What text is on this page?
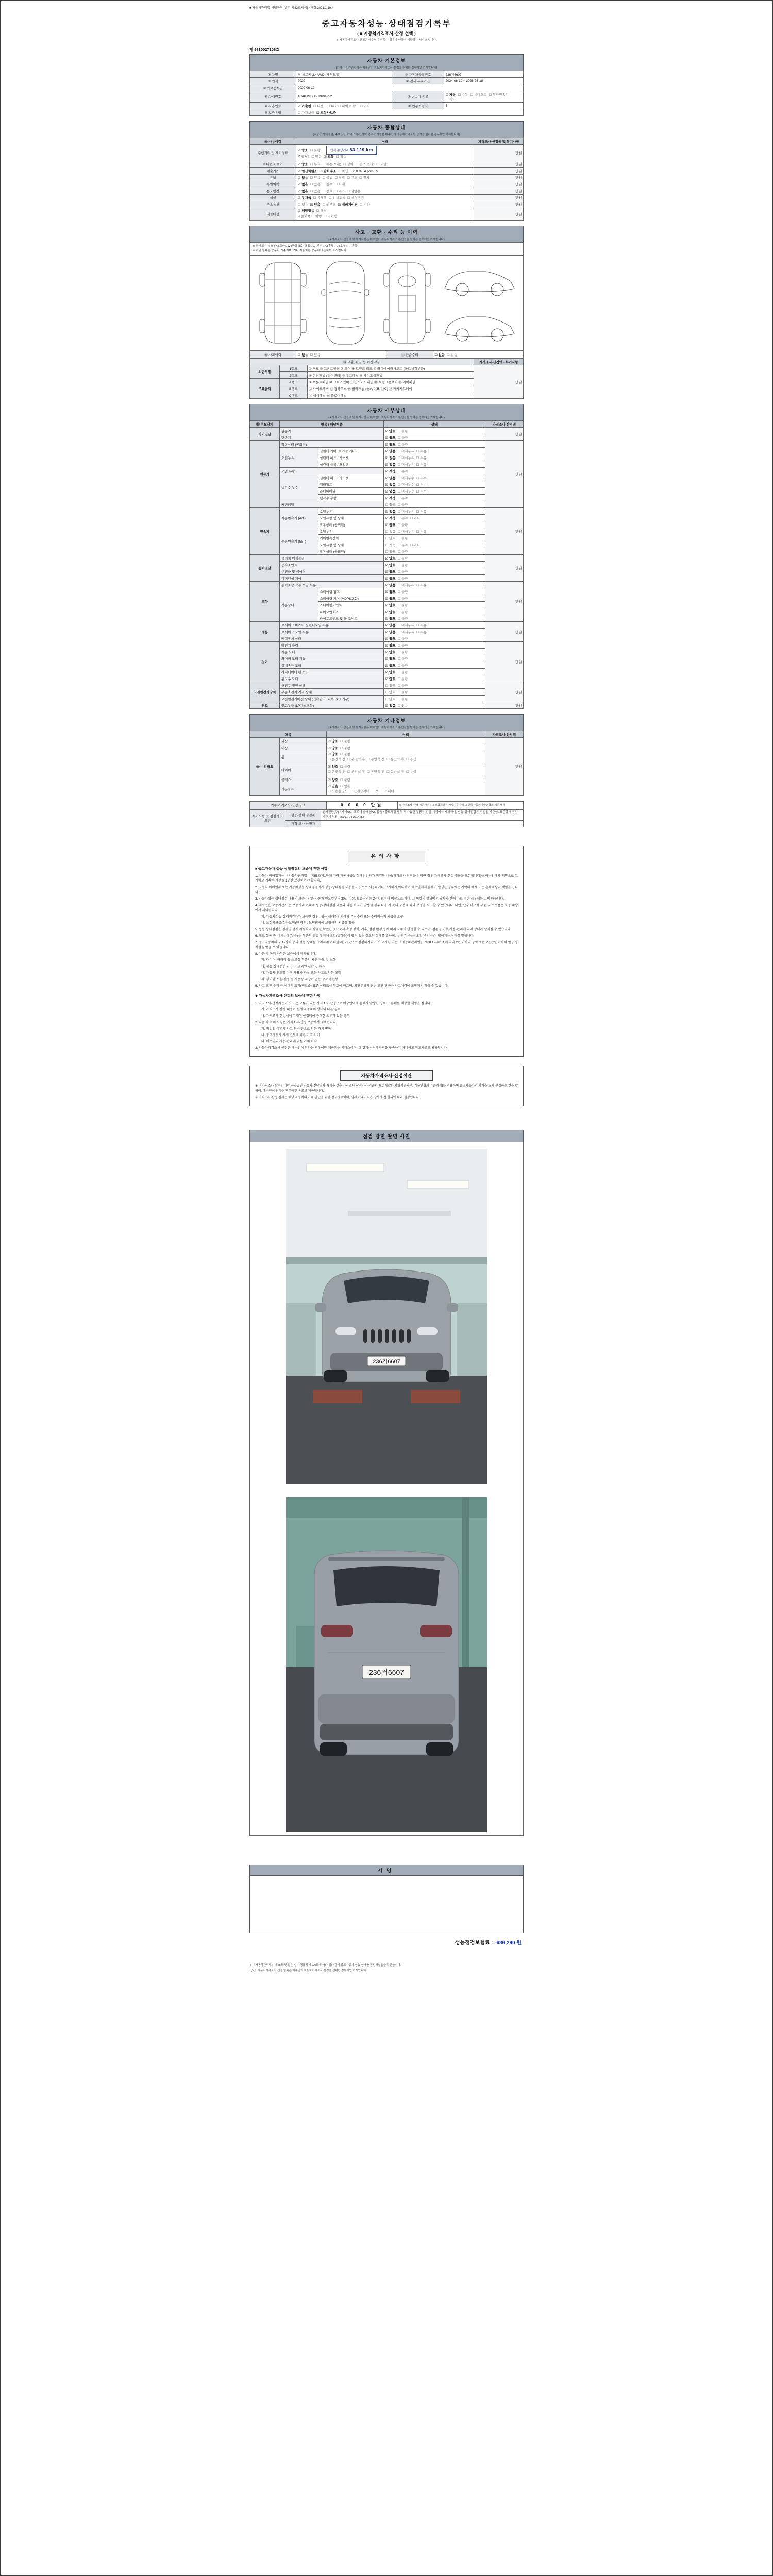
■ 자동차관리법 시행규칙 [별지 제82호서식] <개정 2021.1.19.>
중고자동차성능·상태점검기록부
( ■ 자동차가격조사·산정 선택 )
※ 자동차가격조사·산정은 매수인이 원하는 경우에 한하여 제공하는 서비스 입니다.
제 9830027106호
자동차 기본정보
(가격산정 기준가격은 매수인이 자동차가격조사·산정을 원하는 경우에만 기재합니다)
① 차명	짚 체로키 2.4AWD (세부모델)	② 자동차등록번호	236거6607
③ 연식	2020	④ 검사 유효기간	2024-06-19 ~ 2026-06-18
⑤ 최초등록일	2020-06-19		
⑥ 차대번호	1C4PJMDB5LD604252	⑦ 변속기 종류	☑ 자동 ☐ 수동 ☐ 세미오토 ☐ 무단변속기☐ 기타
⑧ 사용연료	☑ 가솔린 ☐ 디젤 ☐ LPG ☐ 하이브리드 ☐ 기타	⑨ 원동기형식	B
⑩ 보증유형	☐ 자가보증 ☑ 보험사보증		
자동차 종합상태
(※성능·상태점검, 주요옵션, 가격조사·산정액 및 특기사항은 매수인이 자동차가격조사·산정을 원하는 경우에만 기재합니다)
⑪ 사용이력	상태	가격조사·산정액 및 특기사항
주행거리 및 계기상태	☑ 양호 ☐ 불량 현재 주행거리 83,129 km
주행거리 ☐ 많음 ☑ 보통 ☐ 적음	만원
차대번호 표기	☑ 양호 ☐ 부식 ☐ 훼손(오손) ☐ 상이 ☐ 변조(변타) ☐ 도말	만원
배출가스	☑ 일산화탄소 ☑ 탄화수소 ☐ 매연 0.0 % , 4 ppm , %	만원
튜닝	☑ 없음 ☐ 있음 ☐ 불법 ☐ 적법 ☐ 구조 ☐ 장치	만원
특별이력	☑ 없음 ☐ 있음 ☐ 침수 ☐ 화재	만원
용도변경	☑ 없음 ☐ 있음 ☐ 렌트 ☐ 리스 ☐ 영업용	만원
색상	☑ 무채색 ☐ 유채색 ☐ 전체도색 ☐ 색상변경	만원
주요옵션	☐ 없음 ☑ 있음 ☐ 썬루프 ☑ 네비게이션 ☐ 기타	만원
리콜대상	☑ 해당없음 ☐ 해당
리콜이행 ☐ 이행 ☐ 미이행	만원
사고 · 교환 · 수리 등 이력
(※가격조사·산정액 및 특기사항은 매수인이 자동차가격조사·산정을 원하는 경우에만 기재합니다)
※ 상태표시 부호 : X (교환), W (판금 또는 용접), C (부식), A (흠집), U (요철), T (손상)
※ 하단 항목은 승용차 기준이며, 기타 자동차는 승용차에 준하여 표시합니다.
⑫ 사고이력	☑ 없음 ☐ 있음	⑬ 단순수리	☑ 없음 ☐ 있음
⑭ 교환, 판금 등 이상 부위			가격조사·산정액 · 특기사항
외판부위	1랭크	① 후드 ② 프론트펜더 ③ 도어 ④ 트렁크 리드 ⑤ 라디에이터서포트 (볼트체결부품)	만원
	2랭크	⑥ 쿼터패널 (리어펜더) ⑦ 루프패널 ⑧ 사이드실패널	
주요골격	A랭크	⑨ 프론트패널 ⑩ 크로스멤버 ⑪ 인사이드패널 ⑰ 트렁크플로어 ⑱ 리어패널	
	B랭크	⑫ 사이드멤버 ⑬ 휠하우스 ⑭ 필러패널 (⑭A, ⑭B, ⑭C) ⑲ 패키지트레이	
	C랭크	⑮ 대쉬패널 ⑯ 플로어패널	
자동차 세부상태
(※가격조사·산정액 및 특기사항은 매수인이 자동차가격조사·산정을 원하는 경우에만 기재합니다)
⑮ 주요장치	항목 / 해당부품		상태	가격조사·산정액
자기진단	원동기		☑ 양호 ☐ 불량	만원
	변속기		☑ 양호 ☐ 불량	
원동기	작동상태 (공회전)		☑ 양호 ☐ 불량	만원
	오일누유	실린더 커버 (로커암 커버)	☑ 없음 ☐ 미세누유 ☐ 누유	
		실린더 헤드 / 가스켓	☑ 없음 ☐ 미세누유 ☐ 누유	
		실린더 블록 / 오일팬	☑ 없음 ☐ 미세누유 ☐ 누유	
	오일 유량		☑ 적정 ☐ 부족	
	냉각수 누수	실린더 헤드 / 가스켓	☑ 없음 ☐ 미세누수 ☐ 누수	
		워터펌프	☑ 없음 ☐ 미세누수 ☐ 누수	
		라디에이터	☑ 없음 ☐ 미세누수 ☐ 누수	
		냉각수 수량	☑ 적정 ☐ 부족	
	커먼레일		☐ 양호 ☐ 불량	
변속기	자동변속기 (A/T)	오일누유	☑ 없음 ☐ 미세누유 ☐ 누유	만원
		오일유량 및 상태	☑ 적정 ☐ 부족 ☐ 과다	
		작동상태 (공회전)	☑ 양호 ☐ 불량	
	수동변속기 (M/T)	오일누유	☐ 없음 ☐ 미세누유 ☐ 누유	
		기어변속장치	☐ 양호 ☐ 불량	
		오일유량 및 상태	☐ 적정 ☐ 부족 ☐ 과다	
		작동상태 (공회전)	☐ 양호 ☐ 불량	
동력전달	클러치 어셈블리		☑ 양호 ☐ 불량	만원
	등속조인트		☑ 양호 ☐ 불량	
	추진축 및 베어링		☑ 양호 ☐ 불량	
	디퍼렌셜 기어		☑ 양호 ☐ 불량	
조향	동력조향 작동 오일 누유		☑ 없음 ☐ 미세누유 ☐ 누유	만원
	작동상태	스티어링 펌프	☑ 양호 ☐ 불량	
		스티어링 기어 (MDPS포함)	☑ 양호 ☐ 불량	
		스티어링조인트	☑ 양호 ☐ 불량	
		파워고압호스	☑ 양호 ☐ 불량	
		타이로드엔드 및 볼 조인트	☑ 양호 ☐ 불량	
제동	브레이크 마스터 실린더오일 누유		☑ 없음 ☐ 미세누유 ☐ 누유	만원
	브레이크 오일 누유		☑ 없음 ☐ 미세누유 ☐ 누유	
	배력장치 상태		☑ 양호 ☐ 불량	
전기	발전기 출력		☑ 양호 ☐ 불량	만원
	시동 모터		☑ 양호 ☐ 불량	
	와이퍼 모터 기능		☑ 양호 ☐ 불량	
	실내송풍 모터		☑ 양호 ☐ 불량	
	라디에이터 팬 모터		☑ 양호 ☐ 불량	
	윈도우 모터		☑ 양호 ☐ 불량	
고전원전기장치	충전구 절연 상태		☐ 양호 ☐ 불량	만원
	구동축전지 격리 상태		☐ 양호 ☐ 불량	
	고전원전기배선 상태 (접속단자, 피복, 보호기구)		☐ 양호 ☐ 불량	
연료	연료누출 (LP가스포함)		☑ 없음 ☐ 있음	만원
자동차 기타정보
(※가격조사·산정액 및 특기사항은 매수인이 자동차가격조사·산정을 원하는 경우에만 기재합니다)
항목		상태	가격조사·산정액
⑯ 수리필요	외장	☑ 양호 ☐ 불량	만원
	내장	☑ 양호 ☐ 불량	
	휠	☑ 양호 ☐ 불량
☐ 운전석 전 ☐ 운전석 후 ☐ 동반석 전 ☐ 동반석 후 ☐ 응급	

	타이어	☑ 양호 ☐ 불량
☐ 운전석 전 ☐ 운전석 후 ☐ 동반석 전 ☐ 동반석 후 ☐ 응급	

	글래스	☑ 양호 ☐ 불량	
	기본품목	☑ 있음 ☐ 없음
☐ 사용설명서 ☐ 안전삼각대 ☐ 잭 ☐ 스패너	
최종 가격조사·산정 금액	0 0 0 0 만원	※ 가격조사·산정 기준가격 : ☐ 보험개발원 차량기준가액 ☐ 한국자동차기술인협회 기준가격
특기사항 및 점검자의 의견	성능·상태 점검자	엔카진단(주) / 제시AS / 프로미 클레임AS 없음 / 볼트체결 탈부착 가능한 부품은 점검 시점에서 제외하며, 성능·상태점검은 점검일 기준임. 표준상태 점검 기준서 적용 (25701-04-211425)
	가격·조사 산정자	
유의사항
■ 중고자동차 성능·상태점검의 보증에 관한 사항
1. 자동차 매매업자는 「자동차관리법」 제58조제1항에 따라 자동차성능·상태점검자가 점검한 내용(가격조사·산정을 선택한 경우 가격조사·산정 내용을 포함합니다)을 매수인에게 서면으로 고지하고 기록부 사본을 1년간 보관하여야 합니다.
2. 자동차 매매업자 또는 자동차성능·상태점검자가 성능·상태점검 내용을 거짓으로 제공하거나 고지하지 아니하여 매수인에게 손해가 발생한 경우에는 계약의 해제 또는 손해배상의 책임을 집니다.
3. 자동차성능·상태점검 내용의 보증기간은 자동차 인도일부터 30일 이상, 보증거리는 2천킬로미터 이상으로 하며, 그 이상의 범위에서 당사자 간에 따로 정한 경우에는 그에 따릅니다.
4. 매수인은 보증기간 또는 보증거리 이내에 성능·상태점검 내용과 다른 하자가 발생한 경우 다음 각 목의 구분에 따라 보증을 요구할 수 있습니다. 다만, 단순 마모성 부품 및 소모품은 보증 대상에서 제외됩니다.
가. 자동차성능·상태점검자가 보증한 경우 : 성능·상태점검자에게 무상수리 또는 수리비용의 지급을 요구
나. 보험사보증(성능보험)인 경우 : 보험회사에 보험금의 지급을 청구
5. 성능·상태점검은 점검일 현재 자동차의 상태를 확인한 것으로서 측정 장비, 기후, 점검 환경 등에 따라 오차가 발생할 수 있으며, 점검일 이후 사용·관리에 따라 상태가 달라질 수 있습니다.
6. 체크 항목 중 '미세누유(누수)'는 부품의 결합 부위에 오일(냉각수)이 맺혀 있는 정도의 상태를 말하며, '누유(누수)'는 오일(냉각수)이 떨어지는 상태를 말합니다.
7. 중고자동차의 구조·장치 등의 성능·상태를 고지하지 아니한 자, 거짓으로 점검하거나 거짓 고지한 자는 「자동차관리법」 제80조·제81조에 따라 2년 이하의 징역 또는 2천만원 이하의 벌금 등 처벌을 받을 수 있습니다.
8. 다음 각 목의 사항은 보증에서 제외됩니다.
가. 타이어, 배터리 등 소모성 부품의 자연 마모 및 노화
나. 성능·상태점검 시 이미 고지된 결함 및 하자
다. 자동차 인도일 이후 사용자 과실 또는 사고로 인한 고장
라. 경미한 소음·진동 등 사용상 지장이 없는 감각적 현상
9. 사고·교환·수리 등 이력의 표기(랭크)는 표준 상태표시 부호에 따르며, 외판부위의 단순 교환·판금은 사고이력에 포함되지 않을 수 있습니다.
◆ 자동차가격조사·산정의 보증에 관한 사항
1. 가격조사·산정자는 거짓 또는 오류가 있는 가격조사·산정으로 매수인에게 손해가 발생한 경우 그 손해를 배상할 책임을 집니다.
가. 가격조사·산정 내용이 실제 자동차의 상태와 다른 경우
나. 가격조사·산정서에 기재된 산정액에 중대한 오류가 있는 경우
2. 다음 각 목의 사항은 가격조사·산정 보증에서 제외됩니다.
가. 점검일 이후의 사고·침수 등으로 인한 가치 변동
나. 중고자동차 시세 변동에 따른 가격 차이
다. 매수인의 사용·관리에 따른 가치 하락
3. 자동차가격조사·산정은 매수인이 원하는 경우에만 제공되는 서비스이며, 그 결과는 거래가격을 구속하지 아니하고 참고자료로 활용됩니다.
자동차가격조사·산정이란
※ 「가격조사·산정」이란 국가공인 자동차 진단평가 자격을 갖춘 가격조사·산정자가 기준서(보험개발원 차량기준가액, 기술인협회 기준가격)를 적용하여 중고자동차의 가격을 조사·산정하는 것을 말하며, 매수인이 원하는 경우에만 유료로 제공됩니다.
※ 가격조사·산정 결과는 해당 자동차의 가치 판단을 위한 참고자료이며, 실제 거래가격은 당사자 간 합의에 따라 결정됩니다.
점검 장면 촬영 사진
236거6607
236거6607
서명
성능점검보험료 : 686,290 원
※ 「자동차관리법」 제58조 및 같은 법 시행규칙 제120조에 따라 위와 같이 중고자동차 성능·상태를 점검하였음을 확인합니다.
【Ⅴ】 자동차가격조사·산정 항목은 매수인이 자동차가격조사·산정을 선택한 경우에만 기재합니다.
